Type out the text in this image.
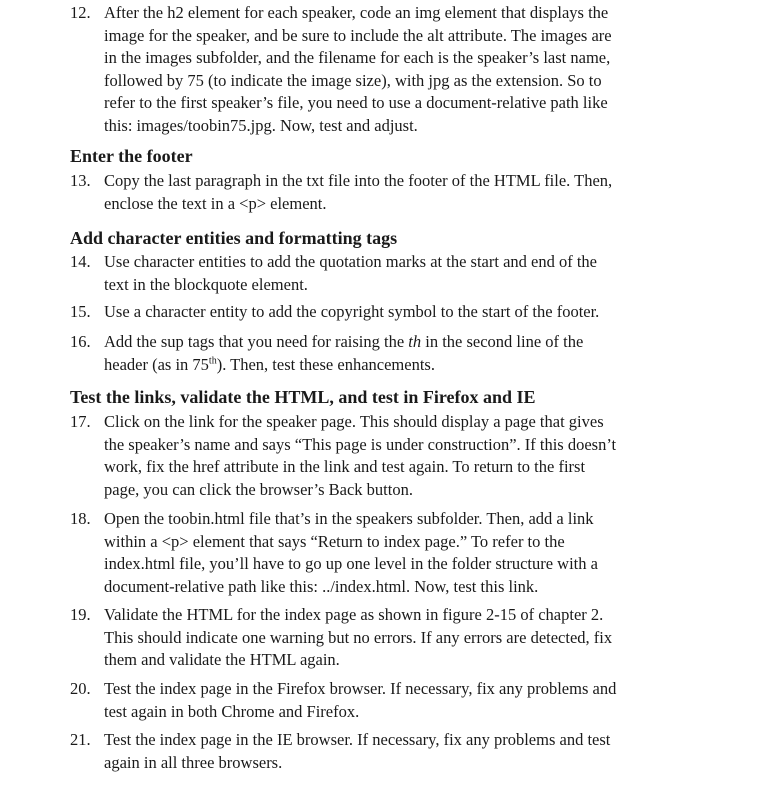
12. After the h2 element for each speaker, code an img element that displays the
image for the speaker, and be sure to include the alt attribute. The images are
in the images subfolder, and the filename for each is the speaker’s last name,
followed by 75 (to indicate the image size), with jpg as the extension. So to
refer to the first speaker’s file, you need to use a document-relative path like
this: images/toobin75.jpg. Now, test and adjust.
Enter the footer
13. Copy the last paragraph in the txt file into the footer of the HTML file. Then,
enclose the text in a <p> element.
Add character entities and formatting tags
14. Use character entities to add the quotation marks at the start and end of the
text in the blockquote element.
15. Use a character entity to add the copyright symbol to the start of the footer.
16. Add the sup tags that you need for raising the th in the second line of the
header (as in 75th). Then, test these enhancements.
Test the links, validate the HTML, and test in Firefox and IE
17. Click on the link for the speaker page. This should display a page that gives
the speaker’s name and says “This page is under construction”. If this doesn’t
work, fix the href attribute in the link and test again. To return to the first
page, you can click the browser’s Back button.
18. Open the toobin.html file that’s in the speakers subfolder. Then, add a link
within a <p> element that says “Return to index page.” To refer to the
index.html file, you’ll have to go up one level in the folder structure with a
document-relative path like this: ../index.html. Now, test this link.
19. Validate the HTML for the index page as shown in figure 2-15 of chapter 2.
This should indicate one warning but no errors. If any errors are detected, fix
them and validate the HTML again.
20. Test the index page in the Firefox browser. If necessary, fix any problems and
test again in both Chrome and Firefox.
21. Test the index page in the IE browser. If necessary, fix any problems and test
again in all three browsers.
